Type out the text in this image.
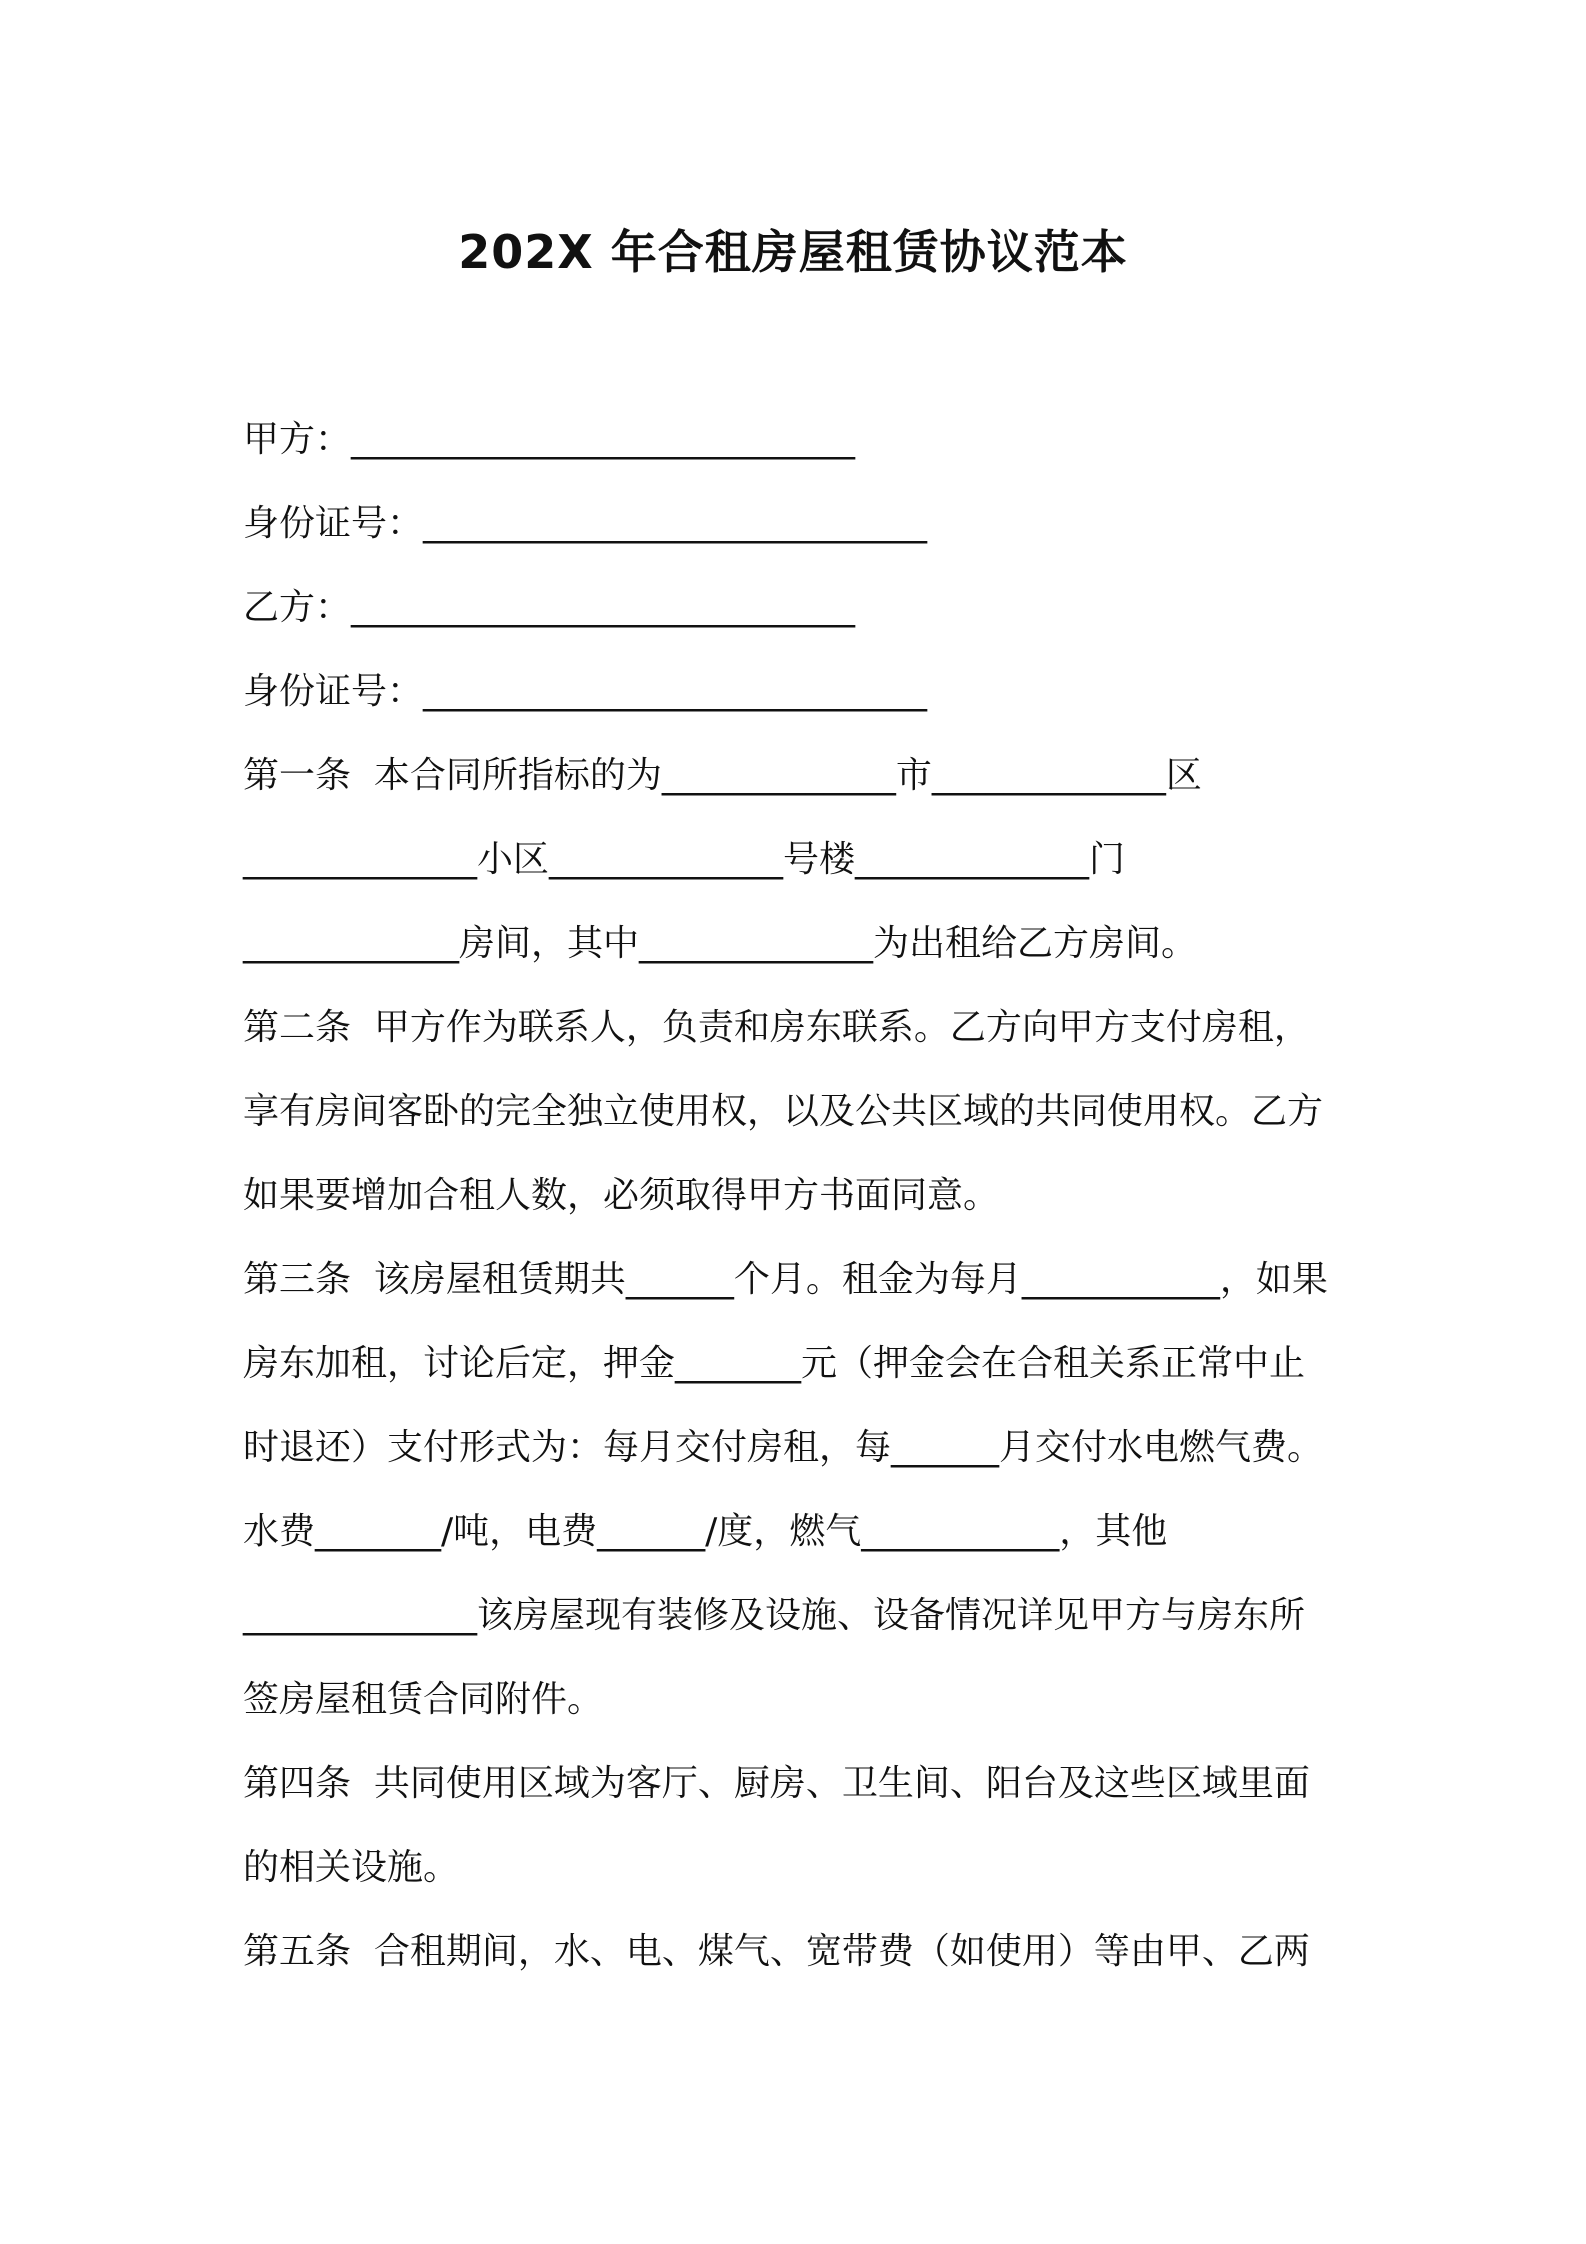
202X 年合租房屋租赁协议范本
甲方：____________________________
身份证号：____________________________
乙方：____________________________
身份证号：____________________________
第一条  本合同所指标的为_____________市_____________区
_____________小区_____________号楼_____________门
____________房间，其中_____________为出租给乙方房间。
第二条  甲方作为联系人，负责和房东联系。乙方向甲方支付房租，
享有房间客卧的完全独立使用权，以及公共区域的共同使用权。乙方
如果要增加合租人数，必须取得甲方书面同意。
第三条  该房屋租赁期共______个月。租金为每月___________，如果
房东加租，讨论后定，押金_______元（押金会在合租关系正常中止
时退还）支付形式为：每月交付房租，每______月交付水电燃气费。
水费_______/吨，电费______/度，燃气___________，其他
_____________该房屋现有装修及设施、设备情况详见甲方与房东所
签房屋租赁合同附件。
第四条  共同使用区域为客厅、厨房、卫生间、阳台及这些区域里面
的相关设施。
第五条  合租期间，水、电、煤气、宽带费（如使用）等由甲、乙两
